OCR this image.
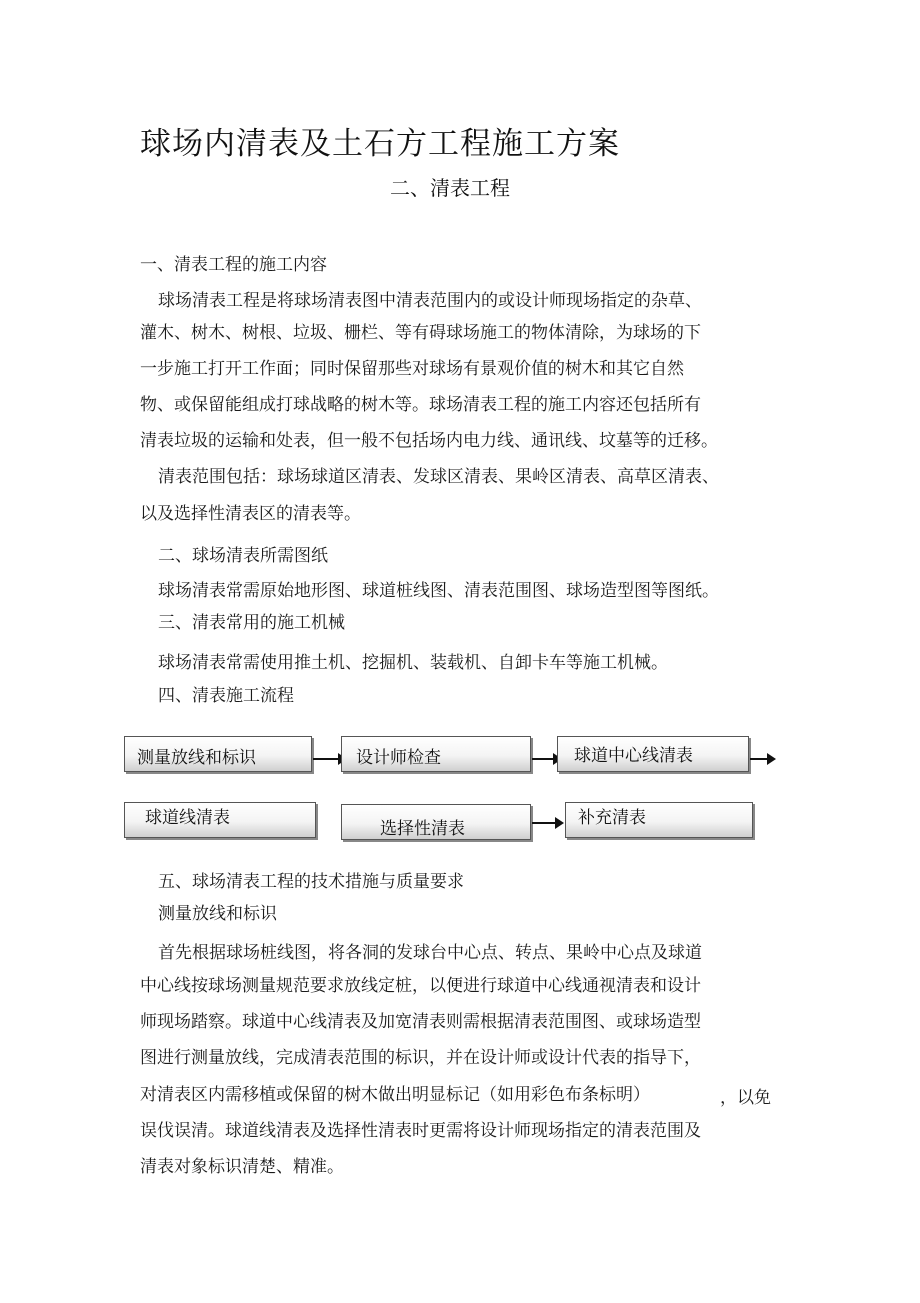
球场内清表及土石方工程施工方案
二、清表工程
一、清表工程的施工内容
球场清表工程是将球场清表图中清表范围内的或设计师现场指定的杂草、
灌木、树木、树根、垃圾、栅栏、等有碍球场施工的物体清除，为球场的下
一步施工打开工作面；同时保留那些对球场有景观价值的树木和其它自然
物、或保留能组成打球战略的树木等。球场清表工程的施工内容还包括所有
清表垃圾的运输和处表，但一般不包括场内电力线、通讯线、坟墓等的迁移。
清表范围包括：球场球道区清表、发球区清表、果岭区清表、高草区清表、
以及选择性清表区的清表等。
二、球场清表所需图纸
球场清表常需原始地形图、球道桩线图、清表范围图、球场造型图等图纸。
三、清表常用的施工机械
球场清表常需使用推土机、挖掘机、装载机、自卸卡车等施工机械。
四、清表施工流程
测量放线和标识	设计师检查	球道中心线清表
球道线清表
选择性清表
补充清表
五、球场清表工程的技术措施与质量要求
测量放线和标识
首先根据球场桩线图，将各洞的发球台中心点、转点、果岭中心点及球道
中心线按球场测量规范要求放线定桩，以便进行球道中心线通视清表和设计
师现场踏察。球道中心线清表及加宽清表则需根据清表范围图、或球场造型
图进行测量放线，完成清表范围的标识，并在设计师或设计代表的指导下，
对清表区内需移植或保留的树木做出明显标记（如用彩色布条标明）	，以免
误伐误清。球道线清表及选择性清表时更需将设计师现场指定的清表范围及
清表对象标识清楚、精准。
